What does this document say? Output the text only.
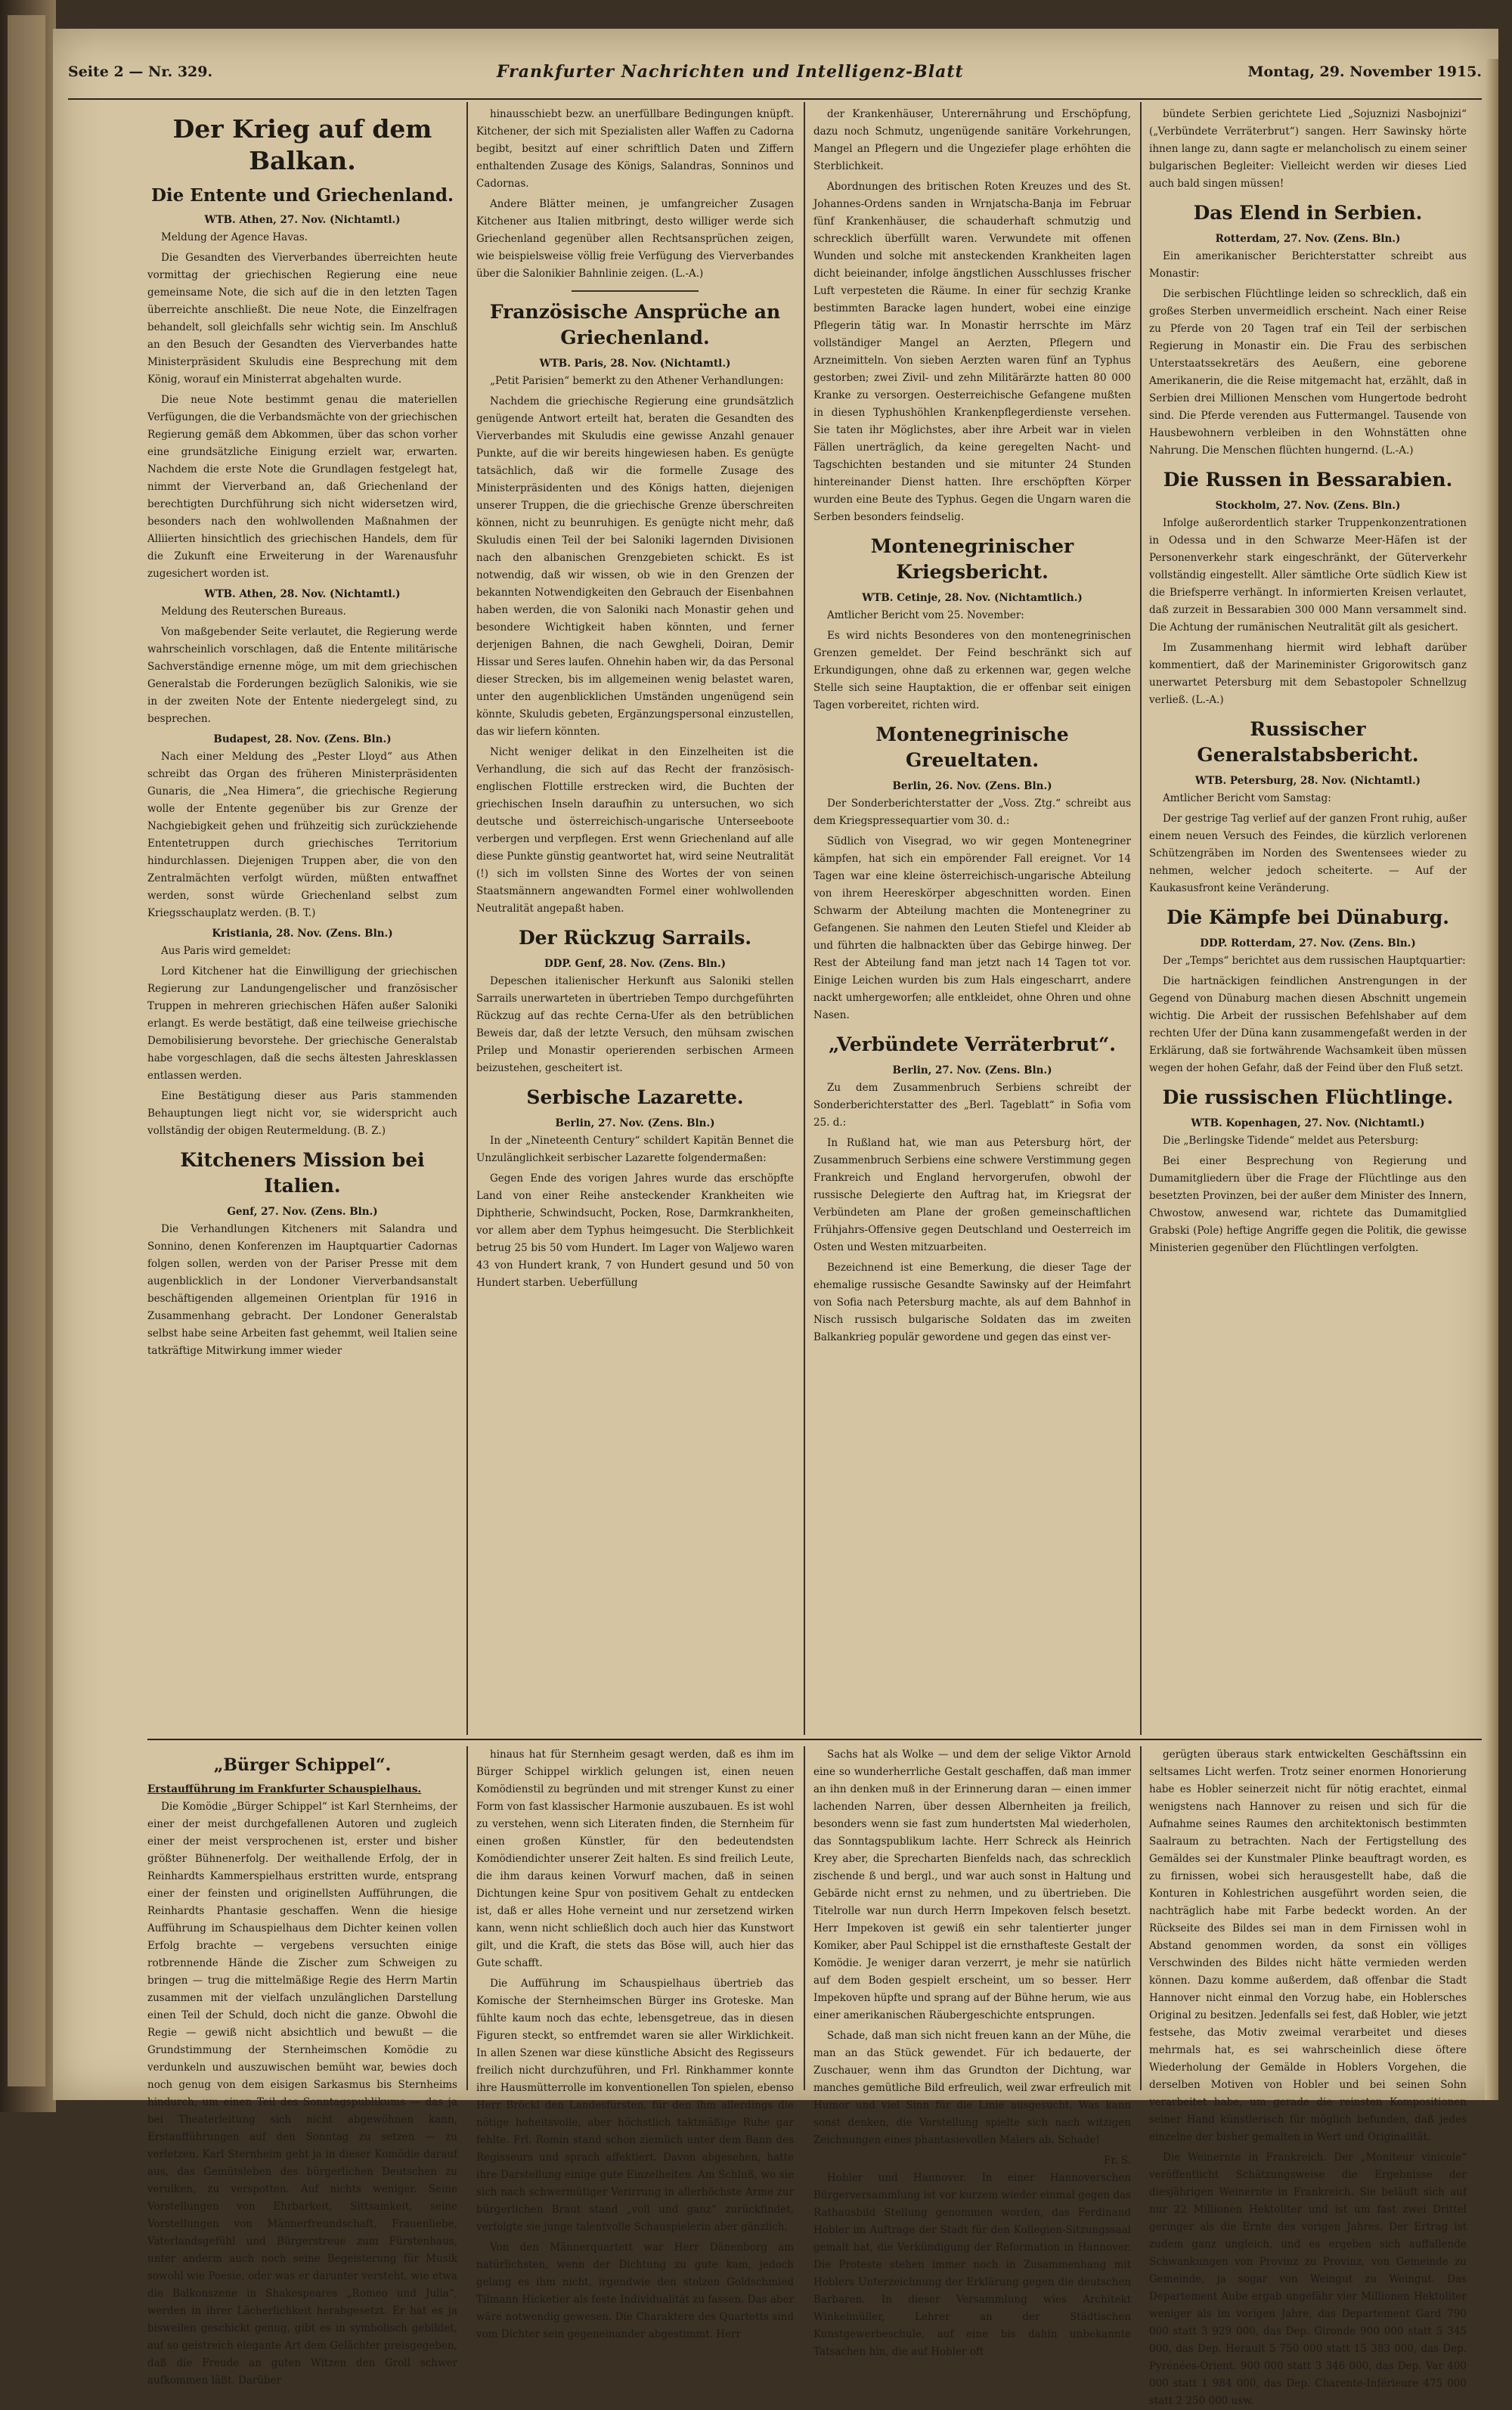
Seite 2 — Nr. 329.	Frankfurter Nachrichten und Intelligenz-Blatt	Montag, 29. November 1915.
Der Krieg auf dem Balkan.
Die Entente und Griechenland.
WTB. Athen, 27. Nov. (Nichtamtl.)

Meldung der Agence Havas.

Die Gesandten des Vierverbandes überreichten heute vormittag der griechischen Regierung eine neue gemeinsame Note, die sich auf die in den letzten Tagen überreichte anschließt. Die neue Note, die Einzelfragen behandelt, soll gleichfalls sehr wichtig sein. Im Anschluß an den Besuch der Gesandten des Vierverbandes hatte Ministerpräsident Skuludis eine Besprechung mit dem König, worauf ein Ministerrat abgehalten wurde.

Die neue Note bestimmt genau die materiellen Verfügungen, die die Verbandsmächte von der griechischen Regierung gemäß dem Abkommen, über das schon vorher eine grundsätzliche Einigung erzielt war, erwarten. Nachdem die erste Note die Grundlagen festgelegt hat, nimmt der Vierverband an, daß Griechenland der berechtigten Durchführung sich nicht widersetzen wird, besonders nach den wohlwollenden Maßnahmen der Alliierten hinsichtlich des griechischen Handels, dem für die Zukunft eine Erweiterung in der Warenausfuhr zugesichert worden ist.

WTB. Athen, 28. Nov. (Nichtamtl.)

Meldung des Reuterschen Bureaus.

Von maßgebender Seite verlautet, die Regierung werde wahrscheinlich vorschlagen, daß die Entente militärische Sachverständige ernenne möge, um mit dem griechischen Generalstab die Forderungen bezüglich Salonikis, wie sie in der zweiten Note der Entente niedergelegt sind, zu besprechen.

Budapest, 28. Nov. (Zens. Bln.)

Nach einer Meldung des „Pester Lloyd“ aus Athen schreibt das Organ des früheren Ministerpräsidenten Gunaris, die „Nea Himera“, die griechische Regierung wolle der Entente gegenüber bis zur Grenze der Nachgiebigkeit gehen und frühzeitig sich zurückziehende Ententetruppen durch griechisches Territorium hindurchlassen. Diejenigen Truppen aber, die von den Zentralmächten verfolgt würden, müßten entwaffnet werden, sonst würde Griechenland selbst zum Kriegsschauplatz werden. (B. T.)

Kristiania, 28. Nov. (Zens. Bln.)

Aus Paris wird gemeldet:

Lord Kitchener hat die Einwilligung der griechischen Regierung zur Landungengelischer und französischer Truppen in mehreren griechischen Häfen außer Saloniki erlangt. Es werde bestätigt, daß eine teilweise griechische Demobilisierung bevorstehe. Der griechische Generalstab habe vorgeschlagen, daß die sechs ältesten Jahresklassen entlassen werden.

Eine Bestätigung dieser aus Paris stammenden Behauptungen liegt nicht vor, sie widerspricht auch vollständig der obigen Reutermeldung. (B. Z.)

Kitcheners Mission bei Italien.
Genf, 27. Nov. (Zens. Bln.)

Die Verhandlungen Kitcheners mit Salandra und Sonnino, denen Konferenzen im Hauptquartier Cadornas folgen sollen, werden von der Pariser Presse mit dem augenblicklich in der Londoner Vierverbandsanstalt beschäftigenden allgemeinen Orientplan für 1916 in Zusammenhang gebracht. Der Londoner Generalstab selbst habe seine Arbeiten fast gehemmt, weil Italien seine tatkräftige Mitwirkung immer wieder

hinausschiebt bezw. an unerfüllbare Bedingungen knüpft. Kitchener, der sich mit Spezialisten aller Waffen zu Cadorna begibt, besitzt auf einer schriftlich Daten und Ziffern enthaltenden Zusage des Königs, Salandras, Sonninos und Cadornas.

Andere Blätter meinen, je umfangreicher Zusagen Kitchener aus Italien mitbringt, desto williger werde sich Griechenland gegenüber allen Rechtsansprüchen zeigen, wie beispielsweise völlig freie Verfügung des Vierverbandes über die Salonikier Bahnlinie zeigen. (L.-A.)

Französische Ansprüche an Griechenland.
WTB. Paris, 28. Nov. (Nichtamtl.)

„Petit Parisien“ bemerkt zu den Athener Verhandlungen:

Nachdem die griechische Regierung eine grundsätzlich genügende Antwort erteilt hat, beraten die Gesandten des Vierverbandes mit Skuludis eine gewisse Anzahl genauer Punkte, auf die wir bereits hingewiesen haben. Es genügte tatsächlich, daß wir die formelle Zusage des Ministerpräsidenten und des Königs hatten, diejenigen unserer Truppen, die die griechische Grenze überschreiten können, nicht zu beunruhigen. Es genügte nicht mehr, daß Skuludis einen Teil der bei Saloniki lagernden Divisionen nach den albanischen Grenzgebieten schickt. Es ist notwendig, daß wir wissen, ob wie in den Grenzen der bekannten Notwendigkeiten den Gebrauch der Eisenbahnen haben werden, die von Saloniki nach Monastir gehen und besondere Wichtigkeit haben könnten, und ferner derjenigen Bahnen, die nach Gewgheli, Doiran, Demir Hissar und Seres laufen. Ohnehin haben wir, da das Personal dieser Strecken, bis im allgemeinen wenig belastet waren, unter den augenblicklichen Umständen ungenügend sein könnte, Skuludis gebeten, Ergänzungspersonal einzustellen, das wir liefern könnten.

Nicht weniger delikat in den Einzelheiten ist die Verhandlung, die sich auf das Recht der französisch-englischen Flottille erstrecken wird, die Buchten der griechischen Inseln daraufhin zu untersuchen, wo sich deutsche und österreichisch-ungarische Unterseeboote verbergen und verpflegen. Erst wenn Griechenland auf alle diese Punkte günstig geantwortet hat, wird seine Neutralität (!) sich im vollsten Sinne des Wortes der von seinen Staatsmännern angewandten Formel einer wohlwollenden Neutralität angepaßt haben.

Der Rückzug Sarrails.
DDP. Genf, 28. Nov. (Zens. Bln.)

Depeschen italienischer Herkunft aus Saloniki stellen Sarrails unerwarteten in übertrieben Tempo durchgeführten Rückzug auf das rechte Cerna-Ufer als den betrüblichen Beweis dar, daß der letzte Versuch, den mühsam zwischen Prilep und Monastir operierenden serbischen Armeen beizustehen, gescheitert ist.

Serbische Lazarette.
Berlin, 27. Nov. (Zens. Bln.)

In der „Nineteenth Century“ schildert Kapitän Bennet die Unzulänglichkeit serbischer Lazarette folgendermaßen:

Gegen Ende des vorigen Jahres wurde das erschöpfte Land von einer Reihe ansteckender Krankheiten wie Diphtherie, Schwindsucht, Pocken, Rose, Darmkrankheiten, vor allem aber dem Typhus heimgesucht. Die Sterblichkeit betrug 25 bis 50 vom Hundert. Im Lager von Waljewo waren 43 von Hundert krank, 7 von Hundert gesund und 50 von Hundert starben. Ueberfüllung

der Krankenhäuser, Unterernährung und Erschöpfung, dazu noch Schmutz, ungenügende sanitäre Vorkehrungen, Mangel an Pflegern und die Ungeziefer plage erhöhten die Sterblichkeit.

Abordnungen des britischen Roten Kreuzes und des St. Johannes-Ordens sanden in Wrnjatscha-Banja im Februar fünf Krankenhäuser, die schauderhaft schmutzig und schrecklich überfüllt waren. Verwundete mit offenen Wunden und solche mit ansteckenden Krankheiten lagen dicht beieinander, infolge ängstlichen Ausschlusses frischer Luft verpesteten die Räume. In einer für sechzig Kranke bestimmten Baracke lagen hundert, wobei eine einzige Pflegerin tätig war. In Monastir herrschte im März vollständiger Mangel an Aerzten, Pflegern und Arzneimitteln. Von sieben Aerzten waren fünf an Typhus gestorben; zwei Zivil- und zehn Militärärzte hatten 80 000 Kranke zu versorgen. Oesterreichische Gefangene mußten in diesen Typhushöhlen Krankenpflegerdienste versehen. Sie taten ihr Möglichstes, aber ihre Arbeit war in vielen Fällen unerträglich, da keine geregelten Nacht- und Tagschichten bestanden und sie mitunter 24 Stunden hintereinander Dienst hatten. Ihre erschöpften Körper wurden eine Beute des Typhus. Gegen die Ungarn waren die Serben besonders feindselig.

Montenegrinischer Kriegsbericht.
WTB. Cetinje, 28. Nov. (Nichtamtlich.)

Amtlicher Bericht vom 25. November:

Es wird nichts Besonderes von den montenegrinischen Grenzen gemeldet. Der Feind beschränkt sich auf Erkundigungen, ohne daß zu erkennen war, gegen welche Stelle sich seine Hauptaktion, die er offenbar seit einigen Tagen vorbereitet, richten wird.

Montenegrinische Greueltaten.
Berlin, 26. Nov. (Zens. Bln.)

Der Sonderberichterstatter der „Voss. Ztg.“ schreibt aus dem Kriegspressequartier vom 30. d.:

Südlich von Visegrad, wo wir gegen Montenegriner kämpfen, hat sich ein empörender Fall ereignet. Vor 14 Tagen war eine kleine österreichisch-ungarische Abteilung von ihrem Heereskörper abgeschnitten worden. Einen Schwarm der Abteilung machten die Montenegriner zu Gefangenen. Sie nahmen den Leuten Stiefel und Kleider ab und führten die halbnackten über das Gebirge hinweg. Der Rest der Abteilung fand man jetzt nach 14 Tagen tot vor. Einige Leichen wurden bis zum Hals eingescharrt, andere nackt umhergeworfen; alle entkleidet, ohne Ohren und ohne Nasen.

„Verbündete Verräterbrut“.
Berlin, 27. Nov. (Zens. Bln.)

Zu dem Zusammenbruch Serbiens schreibt der Sonderberichterstatter des „Berl. Tageblatt“ in Sofia vom 25. d.:

In Rußland hat, wie man aus Petersburg hört, der Zusammenbruch Serbiens eine schwere Verstimmung gegen Frankreich und England hervorgerufen, obwohl der russische Delegierte den Auftrag hat, im Kriegsrat der Verbündeten am Plane der großen gemeinschaftlichen Frühjahrs-Offensive gegen Deutschland und Oesterreich im Osten und Westen mitzuarbeiten.

Bezeichnend ist eine Bemerkung, die dieser Tage der ehemalige russische Gesandte Sawinsky auf der Heimfahrt von Sofia nach Petersburg machte, als auf dem Bahnhof in Nisch russisch bulgarische Soldaten das im zweiten Balkankrieg populär gewordene und gegen das einst ver-

bündete Serbien gerichtete Lied „Sojuznizi Nasbojnizi“ („Verbündete Verräterbrut“) sangen. Herr Sawinsky hörte ihnen lange zu, dann sagte er melancholisch zu einem seiner bulgarischen Begleiter: Vielleicht werden wir dieses Lied auch bald singen müssen!

Das Elend in Serbien.
Rotterdam, 27. Nov. (Zens. Bln.)

Ein amerikanischer Berichterstatter schreibt aus Monastir:

Die serbischen Flüchtlinge leiden so schrecklich, daß ein großes Sterben unvermeidlich erscheint. Nach einer Reise zu Pferde von 20 Tagen traf ein Teil der serbischen Regierung in Monastir ein. Die Frau des serbischen Unterstaatssekretärs des Aeußern, eine geborene Amerikanerin, die die Reise mitgemacht hat, erzählt, daß in Serbien drei Millionen Menschen vom Hungertode bedroht sind. Die Pferde verenden aus Futtermangel. Tausende von Hausbewohnern verbleiben in den Wohnstätten ohne Nahrung. Die Menschen flüchten hungernd. (L.-A.)

Die Russen in Bessarabien.
Stockholm, 27. Nov. (Zens. Bln.)

Infolge außerordentlich starker Truppenkonzentrationen in Odessa und in den Schwarze Meer-Häfen ist der Personenverkehr stark eingeschränkt, der Güterverkehr vollständig eingestellt. Aller sämtliche Orte südlich Kiew ist die Briefsperre verhängt. In informierten Kreisen verlautet, daß zurzeit in Bessarabien 300 000 Mann versammelt sind. Die Achtung der rumänischen Neutralität gilt als gesichert.

Im Zusammenhang hiermit wird lebhaft darüber kommentiert, daß der Marineminister Grigorowitsch ganz unerwartet Petersburg mit dem Sebastopoler Schnellzug verließ. (L.-A.)

Russischer Generalstabsbericht.
WTB. Petersburg, 28. Nov. (Nichtamtl.)

Amtlicher Bericht vom Samstag:

Der gestrige Tag verlief auf der ganzen Front ruhig, außer einem neuen Versuch des Feindes, die kürzlich verlorenen Schützengräben im Norden des Swentensees wieder zu nehmen, welcher jedoch scheiterte. — Auf der Kaukasusfront keine Veränderung.

Die Kämpfe bei Dünaburg.
DDP. Rotterdam, 27. Nov. (Zens. Bln.)

Der „Temps“ berichtet aus dem russischen Hauptquartier:

Die hartnäckigen feindlichen Anstrengungen in der Gegend von Dünaburg machen diesen Abschnitt ungemein wichtig. Die Arbeit der russischen Befehlshaber auf dem rechten Ufer der Düna kann zusammengefaßt werden in der Erklärung, daß sie fortwährende Wachsamkeit üben müssen wegen der hohen Gefahr, daß der Feind über den Fluß setzt.

Die russischen Flüchtlinge.
WTB. Kopenhagen, 27. Nov. (Nichtamtl.)

Die „Berlingske Tidende“ meldet aus Petersburg:

Bei einer Besprechung von Regierung und Dumamitgliedern über die Frage der Flüchtlinge aus den besetzten Provinzen, bei der außer dem Minister des Innern, Chwostow, anwesend war, richtete das Dumamitglied Grabski (Pole) heftige Angriffe gegen die Politik, die gewisse Ministerien gegenüber den Flüchtlingen verfolgten.

„Bürger Schippel“.
Erstaufführung im Frankfurter Schauspielhaus.

Die Komödie „Bürger Schippel“ ist Karl Sternheims, der einer der meist durchgefallenen Autoren und zugleich einer der meist versprochenen ist, erster und bisher größter Bühnenerfolg. Der weithallende Erfolg, der in Reinhardts Kammerspielhaus erstritten wurde, entsprang einer der feinsten und originellsten Aufführungen, die Reinhardts Phantasie geschaffen. Wenn die hiesige Aufführung im Schauspielhaus dem Dichter keinen vollen Erfolg brachte — vergebens versuchten einige rotbrennende Hände die Zischer zum Schweigen zu bringen — trug die mittelmäßige Regie des Herrn Martin zusammen mit der vielfach unzulänglichen Darstellung einen Teil der Schuld, doch nicht die ganze. Obwohl die Regie — gewiß nicht absichtlich und bewußt — die Grundstimmung der Sternheimschen Komödie zu verdunkeln und auszuwischen bemüht war, bewies doch noch genug von dem eisigen Sarkasmus bis Sternheims hindurch, um einen Teil des Sonntagspublikums — das ja bei Theaterleitung sich nicht abgewöhnen kann, Erstaufführungen auf den Sonntag zu setzen — zu verletzen. Karl Sternheim geht ja in dieser Komödie darauf aus, das Gemütsleben des bürgerlichen Deutschen zu verulken, zu verspotten. Auf nichts weniger. Seine Vorstellungen von Ehrbarkeit, Sittsamkeit, seine Vorstellungen von Männerfreundschaft, Frauenliebe, Vaterlandsgefühl und Bürgerstreue zum Fürstenhaus, unter anderm auch noch seine Begeisterung für Musik sowohl wie Poesie, oder was er darunter versteht, wie etwa die Balkonszene in Shakespeares „Romeo und Julia“, werden in ihrer Lächerlichkeit herabgesetzt. Er hat es ja bisweilen geschickt genug, gibt es in symbolisch gebildet, auf so geistreich elegante Art dem Gelächter preisgegeben, daß die Freude an guten Witzen den Groll schwer aufkommen läßt. Darüber

hinaus hat für Sternheim gesagt werden, daß es ihm im Bürger Schippel wirklich gelungen ist, einen neuen Komödienstil zu begründen und mit strenger Kunst zu einer Form von fast klassischer Harmonie auszubauen. Es ist wohl zu verstehen, wenn sich Literaten finden, die Sternheim für einen großen Künstler, für den bedeutendsten Komödiendichter unserer Zeit halten. Es sind freilich Leute, die ihm daraus keinen Vorwurf machen, daß in seinen Dichtungen keine Spur von positivem Gehalt zu entdecken ist, daß er alles Hohe verneint und nur zersetzend wirken kann, wenn nicht schließlich doch auch hier das Kunstwort gilt, und die Kraft, die stets das Böse will, auch hier das Gute schafft.

Die Aufführung im Schauspielhaus übertrieb das Komische der Sternheimschen Bürger ins Groteske. Man fühlte kaum noch das echte, lebensgetreue, das in diesen Figuren steckt, so entfremdet waren sie aller Wirklichkeit. In allen Szenen war diese künstliche Absicht des Regisseurs freilich nicht durchzuführen, und Frl. Rinkhammer konnte ihre Hausmütterrolle im konventionellen Ton spielen, ebenso Herr Bröckl den Landesfürsten, für den ihm allerdings die nötige hoheitsvolle, aber höchstlich taktmäßige Ruhe gar fehlte. Frl. Romin stand schon ziemlich unter dem Bann des Regisseurs und sprach affektiert. Davon abgesehen, hatte ihre Darstellung einige gute Einzelheiten. Am Schluß, wo sie sich nach schwermütiger Verirrung in allerhöchste Arme zur bürgerlichen Braut stand „voll und ganz“ zurückfindet, verfolgte sie junge talentvolle Schauspielerin aber gänzlich.

Von den Männerquartett war Herr Dänenborg am natürlichsten, wenn der Dichtung zu gute kam, jedoch gelang es ihm nicht, irgendwie den stolzen Goldschmied Tilmann Hicketier als feste Individualität zu fassen. Das aber wäre notwendig gewesen. Die Charaktere des Quartetts sind vom Dichter sein gegeneinander abgestimmt. Herr

Sachs hat als Wolke — und dem der selige Viktor Arnold eine so wunderherrliche Gestalt geschaffen, daß man immer an ihn denken muß in der Erinnerung daran — einen immer lachenden Narren, über dessen Albernheiten ja freilich, besonders wenn sie fast zum hundertsten Mal wiederholen, das Sonntagspublikum lachte. Herr Schreck als Heinrich Krey aber, die Sprecharten Bienfelds nach, das schrecklich zischende ß und bergl., und war auch sonst in Haltung und Gebärde nicht ernst zu nehmen, und zu übertrieben. Die Titelrolle war nun durch Herrn Impekoven felsch besetzt. Herr Impekoven ist gewiß ein sehr talentierter junger Komiker, aber Paul Schippel ist die ernsthafteste Gestalt der Komödie. Je weniger daran verzerrt, je mehr sie natürlich auf dem Boden gespielt erscheint, um so besser. Herr Impekoven hüpfte und sprang auf der Bühne herum, wie aus einer amerikanischen Räubergeschichte entsprungen.

Schade, daß man sich nicht freuen kann an der Mühe, die man an das Stück gewendet. Für ich bedauerte, der Zuschauer, wenn ihm das Grundton der Dichtung, war manches gemütliche Bild erfreulich, weil zwar erfreulich mit Humor und viel Sinn für die Linie ausgesucht. Was kann sonst denken, die Vorstellung spielte sich nach witzigen Zeichnungen eines phantasievollen Malers ab. Schade!

Fr. S.

Hobler und Hannover. In einer Hannoverschen Bürgerversammlung ist vor kurzem wieder einmal gegen das Rathausbild Stellung genommen worden, das Ferdinand Hobler im Auftrage der Stadt für den Kollegien-Sitzungssaal gemalt hat, die Verkündigung der Reformation in Hannover. Die Proteste stehen immer noch in Zusammenhang mit Hoblers Unterzeichnung der Erklärung gegen die deutschen Barbaren. In dieser Versammlung wies Architekt Winkelmüller, Lehrer an der Städtischen Kunstgewerbeschule, auf eine bis dahin unbekannte Tatsachen hin, die auf Hobler oft

gerügten überaus stark entwickelten Geschäftssinn ein seltsames Licht werfen. Trotz seiner enormen Honorierung habe es Hobler seinerzeit nicht für nötig erachtet, einmal wenigstens nach Hannover zu reisen und sich für die Aufnahme seines Raumes den architektonisch bestimmten Saalraum zu betrachten. Nach der Fertigstellung des Gemäldes sei der Kunstmaler Plinke beauftragt worden, es zu firnissen, wobei sich herausgestellt habe, daß die Konturen in Kohlestrichen ausgeführt worden seien, die nachträglich habe mit Farbe bedeckt worden. An der Rückseite des Bildes sei man in dem Firnissen wohl in Abstand genommen worden, da sonst ein völliges Verschwinden des Bildes nicht hätte vermieden werden können. Dazu komme außerdem, daß offenbar die Stadt Hannover nicht einmal den Vorzug habe, ein Hoblersches Original zu besitzen. Jedenfalls sei fest, daß Hobler, wie jetzt festsehe, das Motiv zweimal verarbeitet und dieses mehrmals hat, es sei wahrscheinlich diese öftere Wiederholung der Gemälde in Hoblers Vorgehen, die derselben Motiven von Hobler und bei seinen Sohn verarbeitet habe, um gerade die reinsten Kompositionen seiner Hand künstlerisch für möglich befunden, daß jedes einzelne der bisher gemalten in Wert und Originalität.

Die Weinernte in Frankreich. Der „Moniteur vinicole“ veröffentlicht Schätzungsweise die Ergebnisse der diesjährigen Weinernte in Frankreich. Sie beläuft sich auf nur 22 Millionen Hektoliter und ist um fast zwei Drittel geringer als die Ernte des vorigen Jahres. Der Ertrag ist zudem ganz ungleich, und es ergeben sich auffallende Schwankungen von Provinz zu Provinz, von Gemeinde zu Gemeinde, ja sogar von Weingut zu Weingut. Das Departement Aube ergab ungefähr vier Millionen Hektoliter weniger als im vorigen Jahre, das Departement Gard 790 000 statt 3 929 000, das Dep. Gironde 900 000 statt 5 345 000, das Dep. Herault 5 750 000 statt 15 383 000, das Dep. Pyrénées-Orient. 900 000 statt 3 346 000, das Dep. Var 400 000 statt 1 984 000, das Dep. Charente-Inférieure 475 000 statt 2 250 000 usw.
